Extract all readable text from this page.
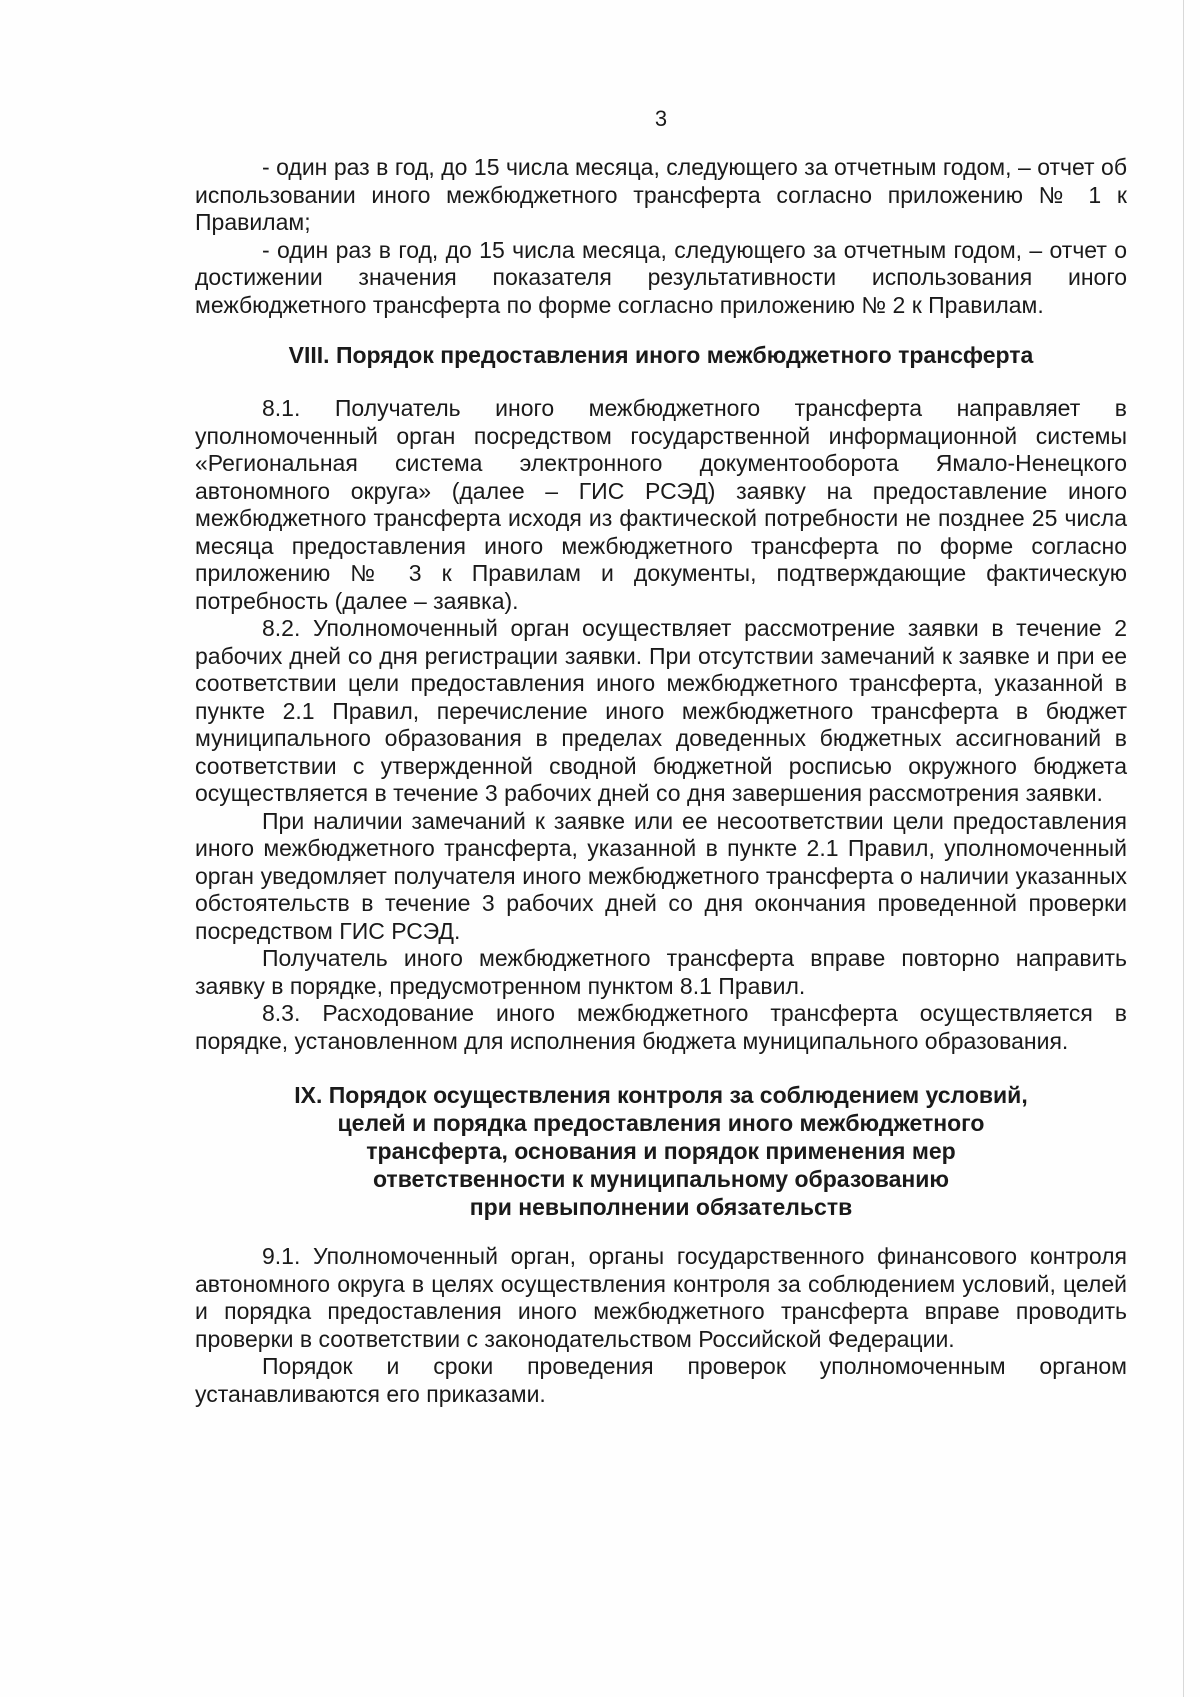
3

- один раз в год, до 15 числа месяца, следующего за отчетным годом, – отчет об использовании иного межбюджетного трансферта согласно приложению № 1 к Правилам;

- один раз в год, до 15 числа месяца, следующего за отчетным годом, – отчет о достижении значения показателя результативности использования иного межбюджетного трансферта по форме согласно приложению № 2 к Правилам.

VIII. Порядок предоставления иного межбюджетного трансферта

8.1. Получатель иного межбюджетного трансферта направляет в уполномоченный орган посредством государственной информационной системы «Региональная система электронного документооборота Ямало-Ненецкого автономного округа» (далее – ГИС РСЭД) заявку на предоставление иного межбюджетного трансферта исходя из фактической потребности не позднее 25 числа месяца предоставления иного межбюджетного трансферта по форме согласно приложению № 3 к Правилам и документы, подтверждающие фактическую потребность (далее – заявка).

8.2. Уполномоченный орган осуществляет рассмотрение заявки в течение 2 рабочих дней со дня регистрации заявки. При отсутствии замечаний к заявке и при ее соответствии цели предоставления иного межбюджетного трансферта, указанной в пункте 2.1 Правил, перечисление иного межбюджетного трансферта в бюджет муниципального образования в пределах доведенных бюджетных ассигнований в соответствии с утвержденной сводной бюджетной росписью окружного бюджета осуществляется в течение 3 рабочих дней со дня завершения рассмотрения заявки.

При наличии замечаний к заявке или ее несоответствии цели предоставления иного межбюджетного трансферта, указанной в пункте 2.1 Правил, уполномоченный орган уведомляет получателя иного межбюджетного трансферта о наличии указанных обстоятельств в течение 3 рабочих дней со дня окончания проведенной проверки посредством ГИС РСЭД.

Получатель иного межбюджетного трансферта вправе повторно направить заявку в порядке, предусмотренном пунктом 8.1 Правил.

8.3. Расходование иного межбюджетного трансферта осуществляется в порядке, установленном для исполнения бюджета муниципального образования.

IX. Порядок осуществления контроля за соблюдением условий,
целей и порядка предоставления иного межбюджетного
трансферта, основания и порядок применения мер
ответственности к муниципальному образованию
при невыполнении обязательств

9.1. Уполномоченный орган, органы государственного финансового контроля автономного округа в целях осуществления контроля за соблюдением условий, целей и порядка предоставления иного межбюджетного трансферта вправе проводить проверки в соответствии с законодательством Российской Федерации.

Порядок и сроки проведения проверок уполномоченным органом устанавливаются его приказами.
